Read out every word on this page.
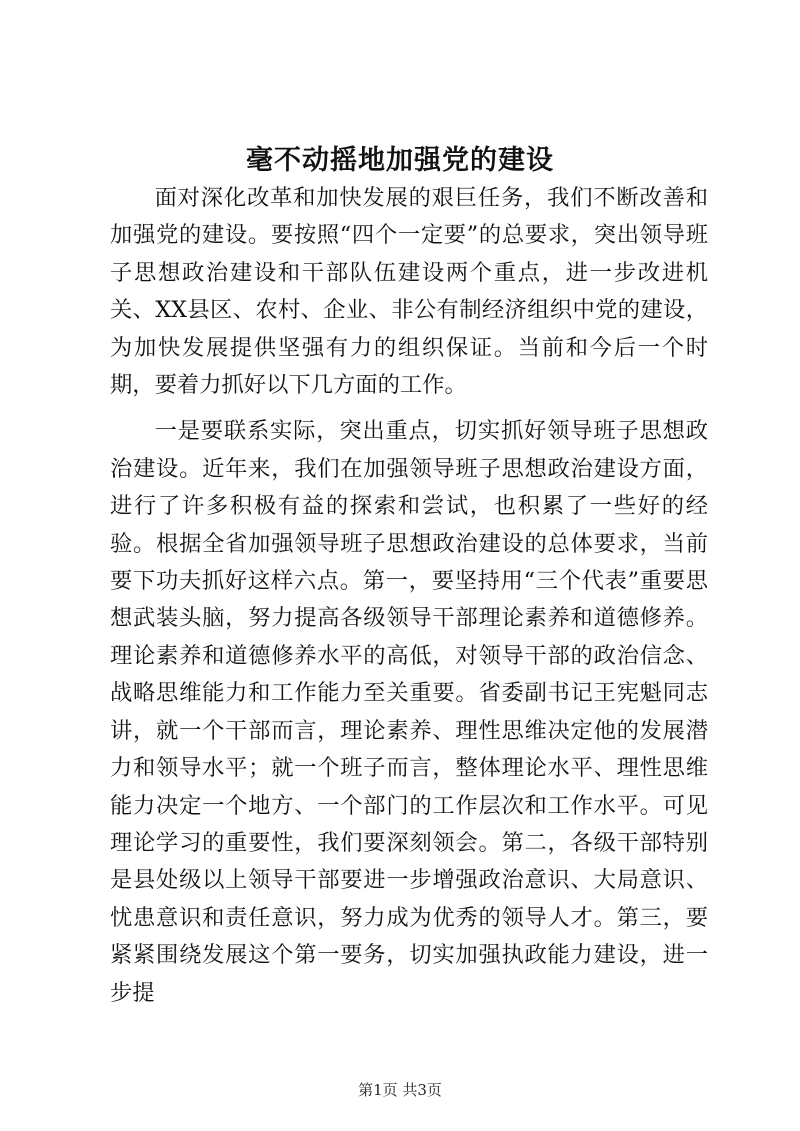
毫不动摇地加强党的建设

面对深化改革和加快发展的艰巨任务，我们不断改善和加强党的建设。要按照“四个一定要”的总要求，突出领导班子思想政治建设和干部队伍建设两个重点，进一步改进机关、XX县区、农村、企业、非公有制经济组织中党的建设，为加快发展提供坚强有力的组织保证。当前和今后一个时期，要着力抓好以下几方面的工作。

一是要联系实际，突出重点，切实抓好领导班子思想政治建设。近年来，我们在加强领导班子思想政治建设方面，进行了许多积极有益的探索和尝试，也积累了一些好的经验。根据全省加强领导班子思想政治建设的总体要求，当前要下功夫抓好这样六点。第一，要坚持用“三个代表”重要思想武装头脑，努力提高各级领导干部理论素养和道德修养。理论素养和道德修养水平的高低，对领导干部的政治信念、战略思维能力和工作能力至关重要。省委副书记王宪魁同志讲，就一个干部而言，理论素养、理性思维决定他的发展潜力和领导水平；就一个班子而言，整体理论水平、理性思维能力决定一个地方、一个部门的工作层次和工作水平。可见理论学习的重要性，我们要深刻领会。第二，各级干部特别是县处级以上领导干部要进一步增强政治意识、大局意识、忧患意识和责任意识，努力成为优秀的领导人才。第三，要紧紧围绕发展这个第一要务，切实加强执政能力建设，进一步提

第1页 共3页
